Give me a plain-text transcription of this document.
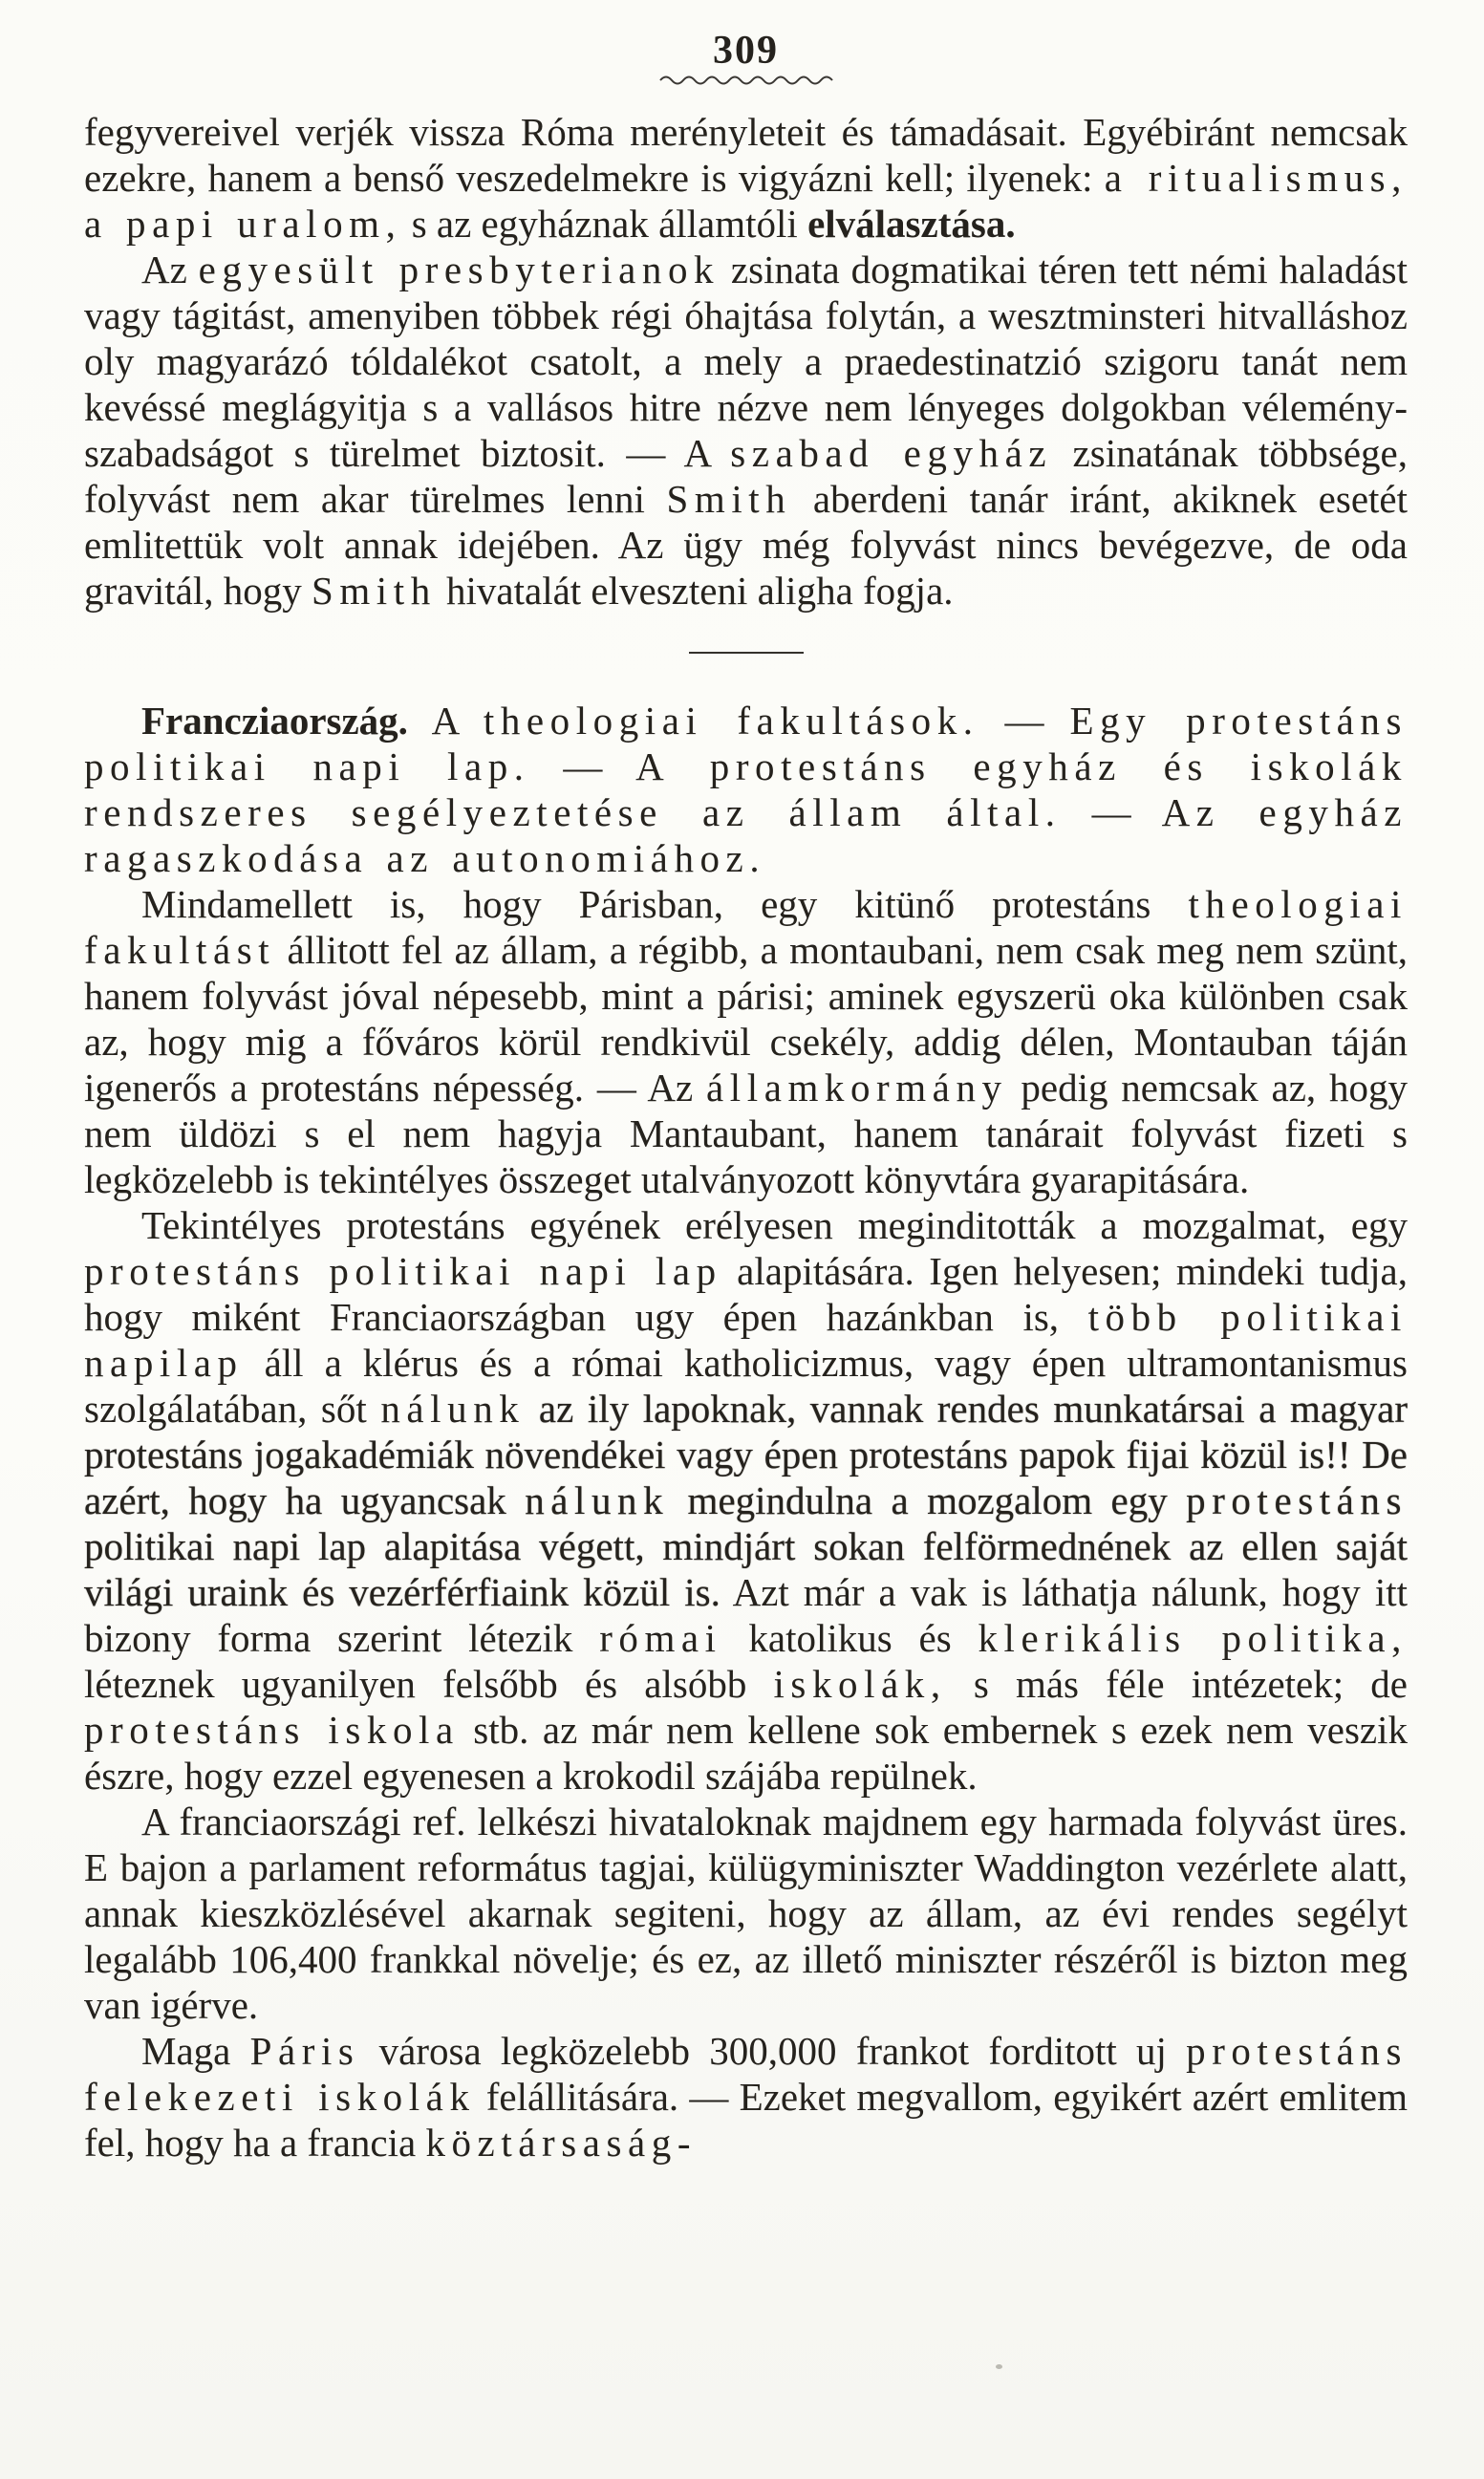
309

fegyvereivel verjék vissza Róma merényleteit és támadásait. Egyébiránt nemcsak ezekre, hanem a benső veszedelmekre is vigyázni kell; ilyenek: a ritualismus, a papi uralom, s az egyháznak államtóli elválasztása.

Az egyesült presbyterianok zsinata dogmatikai téren tett némi haladást vagy tágitást, amenyiben többek régi óhajtása folytán, a wesztminsteri hitvalláshoz oly magyarázó tóldalékot csatolt, a mely a praedestinatzió szigoru tanát nem kevéssé meglágyitja s a vallásos hitre nézve nem lényeges dolgokban vélemény-szabadságot s türelmet biztosit. — A szabad egyház zsinatának többsége, folyvást nem akar türelmes lenni Smith aberdeni tanár iránt, akiknek esetét emlitettük volt annak idejében. Az ügy még folyvást nincs bevégezve, de oda gravitál, hogy Smith hivatalát elveszteni aligha fogja.

Francziaország. A theologiai fakultások. — Egy protestáns politikai napi lap. — A protestáns egyház és iskolák rendszeres segélyeztetése az állam által. — Az egyház ragaszkodása az autonomiához.

Mindamellett is, hogy Párisban, egy kitünő protestáns theologiai fakultást állitott fel az állam, a régibb, a montaubani, nem csak meg nem szünt, hanem folyvást jóval népesebb, mint a párisi; aminek egyszerü oka különben csak az, hogy mig a főváros körül rendkivül csekély, addig délen, Montauban táján igenerős a protestáns népesség. — Az államkormány pedig nemcsak az, hogy nem üldözi s el nem hagyja Mantaubant, hanem tanárait folyvást fizeti s legközelebb is tekintélyes összeget utalványozott könyvtára gyarapitására.

Tekintélyes protestáns egyének erélyesen meginditották a mozgalmat, egy protestáns politikai napi lap alapitására. Igen helyesen; mindeki tudja, hogy miként Franciaországban ugy épen hazánkban is, több politikai napilap áll a klérus és a római katholicizmus, vagy épen ultramontanismus szolgálatában, sőt nálunk az ily lapoknak, vannak rendes munkatársai a magyar protestáns jogakadémiák növendékei vagy épen protestáns papok fijai közül is!! De azért, hogy ha ugyancsak nálunk megindulna a mozgalom egy protestáns politikai napi lap alapitása végett, mindjárt sokan felförmednének az ellen saját világi uraink és vezérférfiaink közül is. Azt már a vak is láthatja nálunk, hogy itt bizony forma szerint létezik római katolikus és klerikális politika, léteznek ugyanilyen felsőbb és alsóbb iskolák, s más féle intézetek; de protestáns iskola stb. az már nem kellene sok embernek s ezek nem veszik észre, hogy ezzel egyenesen a krokodil szájába repülnek.

A franciaországi ref. lelkészi hivataloknak majdnem egy harmada folyvást üres. E bajon a parlament református tagjai, külügyminiszter Waddington vezérlete alatt, annak kieszközlésével akarnak segiteni, hogy az állam, az évi rendes segélyt legalább 106,400 frankkal növelje; és ez, az illető miniszter részéről is bizton meg van igérve.

Maga Páris városa legközelebb 300,000 frankot forditott uj protestáns felekezeti iskolák felállitására. — Ezeket megvallom, egyikért azért emlitem fel, hogy ha a francia köztársaság-
